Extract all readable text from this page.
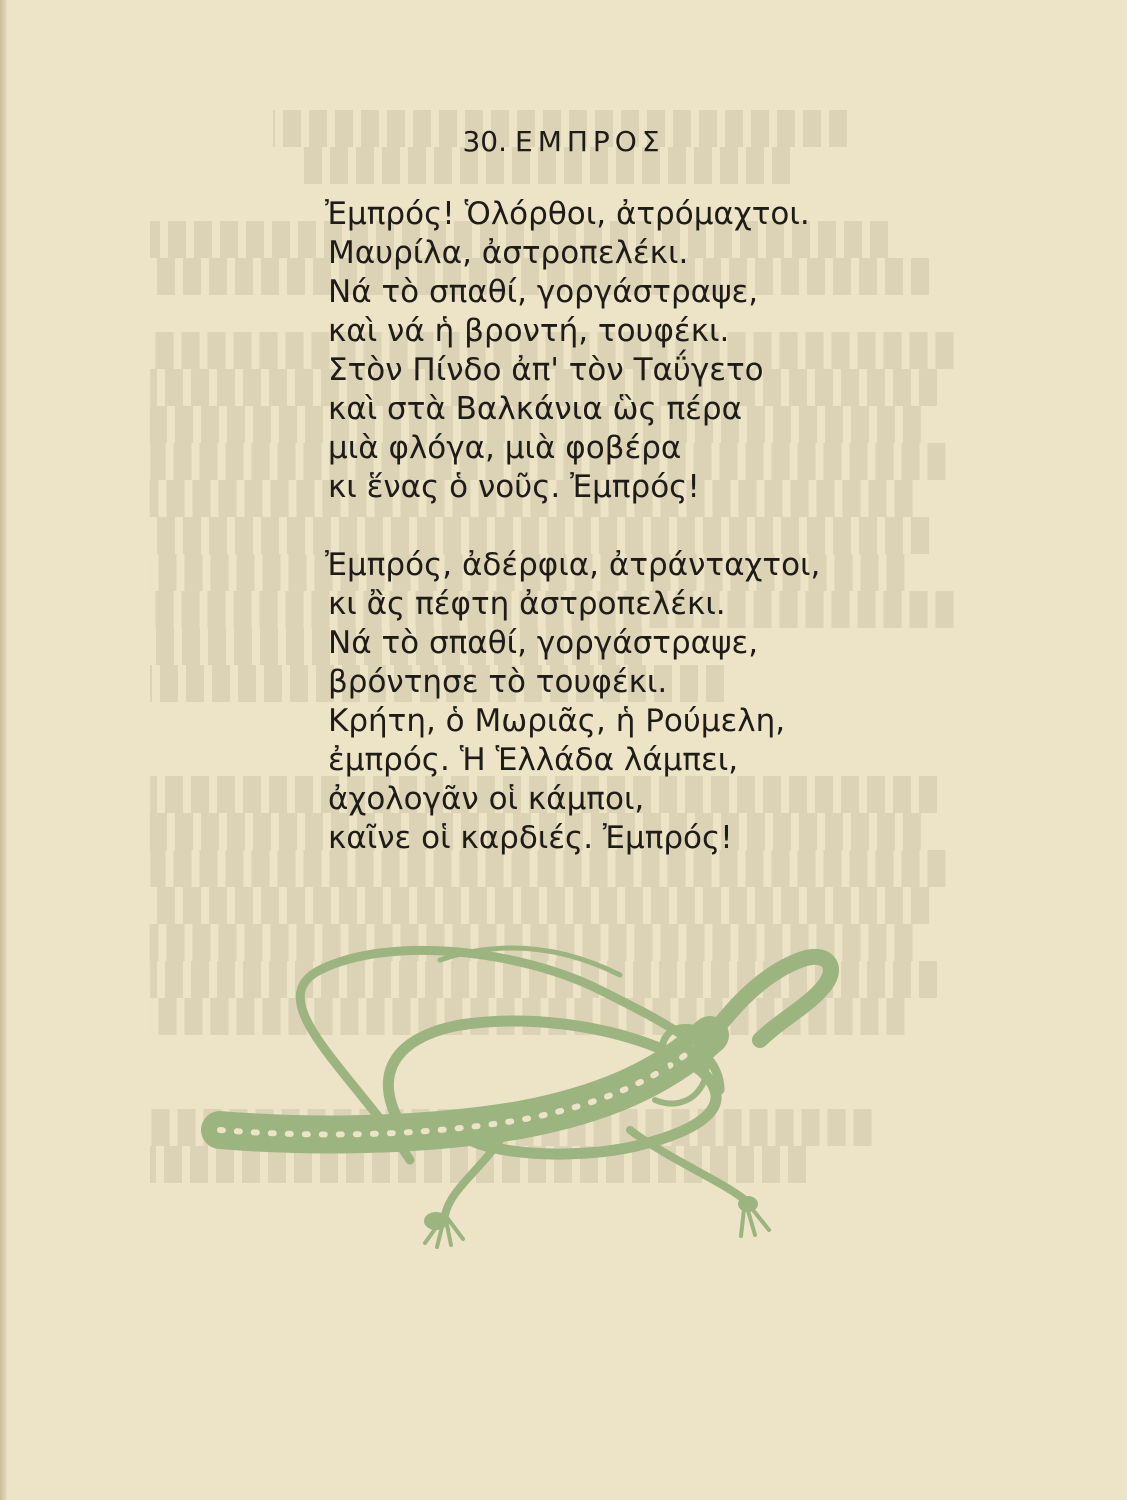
30. ΕΜΠΡΟΣ
Ἐμπρός! Ὁλόρθοι, ἀτρόμαχτοι.
Μαυρίλα, ἀστροπελέκι.
Νά τὸ σπαθί, γοργάστραψε,
καὶ νά ἡ βροντή, τουφέκι.
Στὸν Πίνδο ἀπ' τὸν Ταΰγετο
καὶ στὰ Βαλκάνια ὣς πέρα
μιὰ φλόγα, μιὰ φοβέρα
κι ἕνας ὁ νοῦς. Ἐμπρός!
Ἐμπρός, ἀδέρφια, ἀτράνταχτοι,
κι ἂς πέφτη ἀστροπελέκι.
Νά τὸ σπαθί, γοργάστραψε,
βρόντησε τὸ τουφέκι.
Κρήτη, ὁ Μωριᾶς, ἡ Ρούμελη,
ἐμπρός. Ἡ Ἑλλάδα λάμπει,
ἀχολογᾶν οἱ κάμποι,
καῖνε οἱ καρδιές. Ἐμπρός!
